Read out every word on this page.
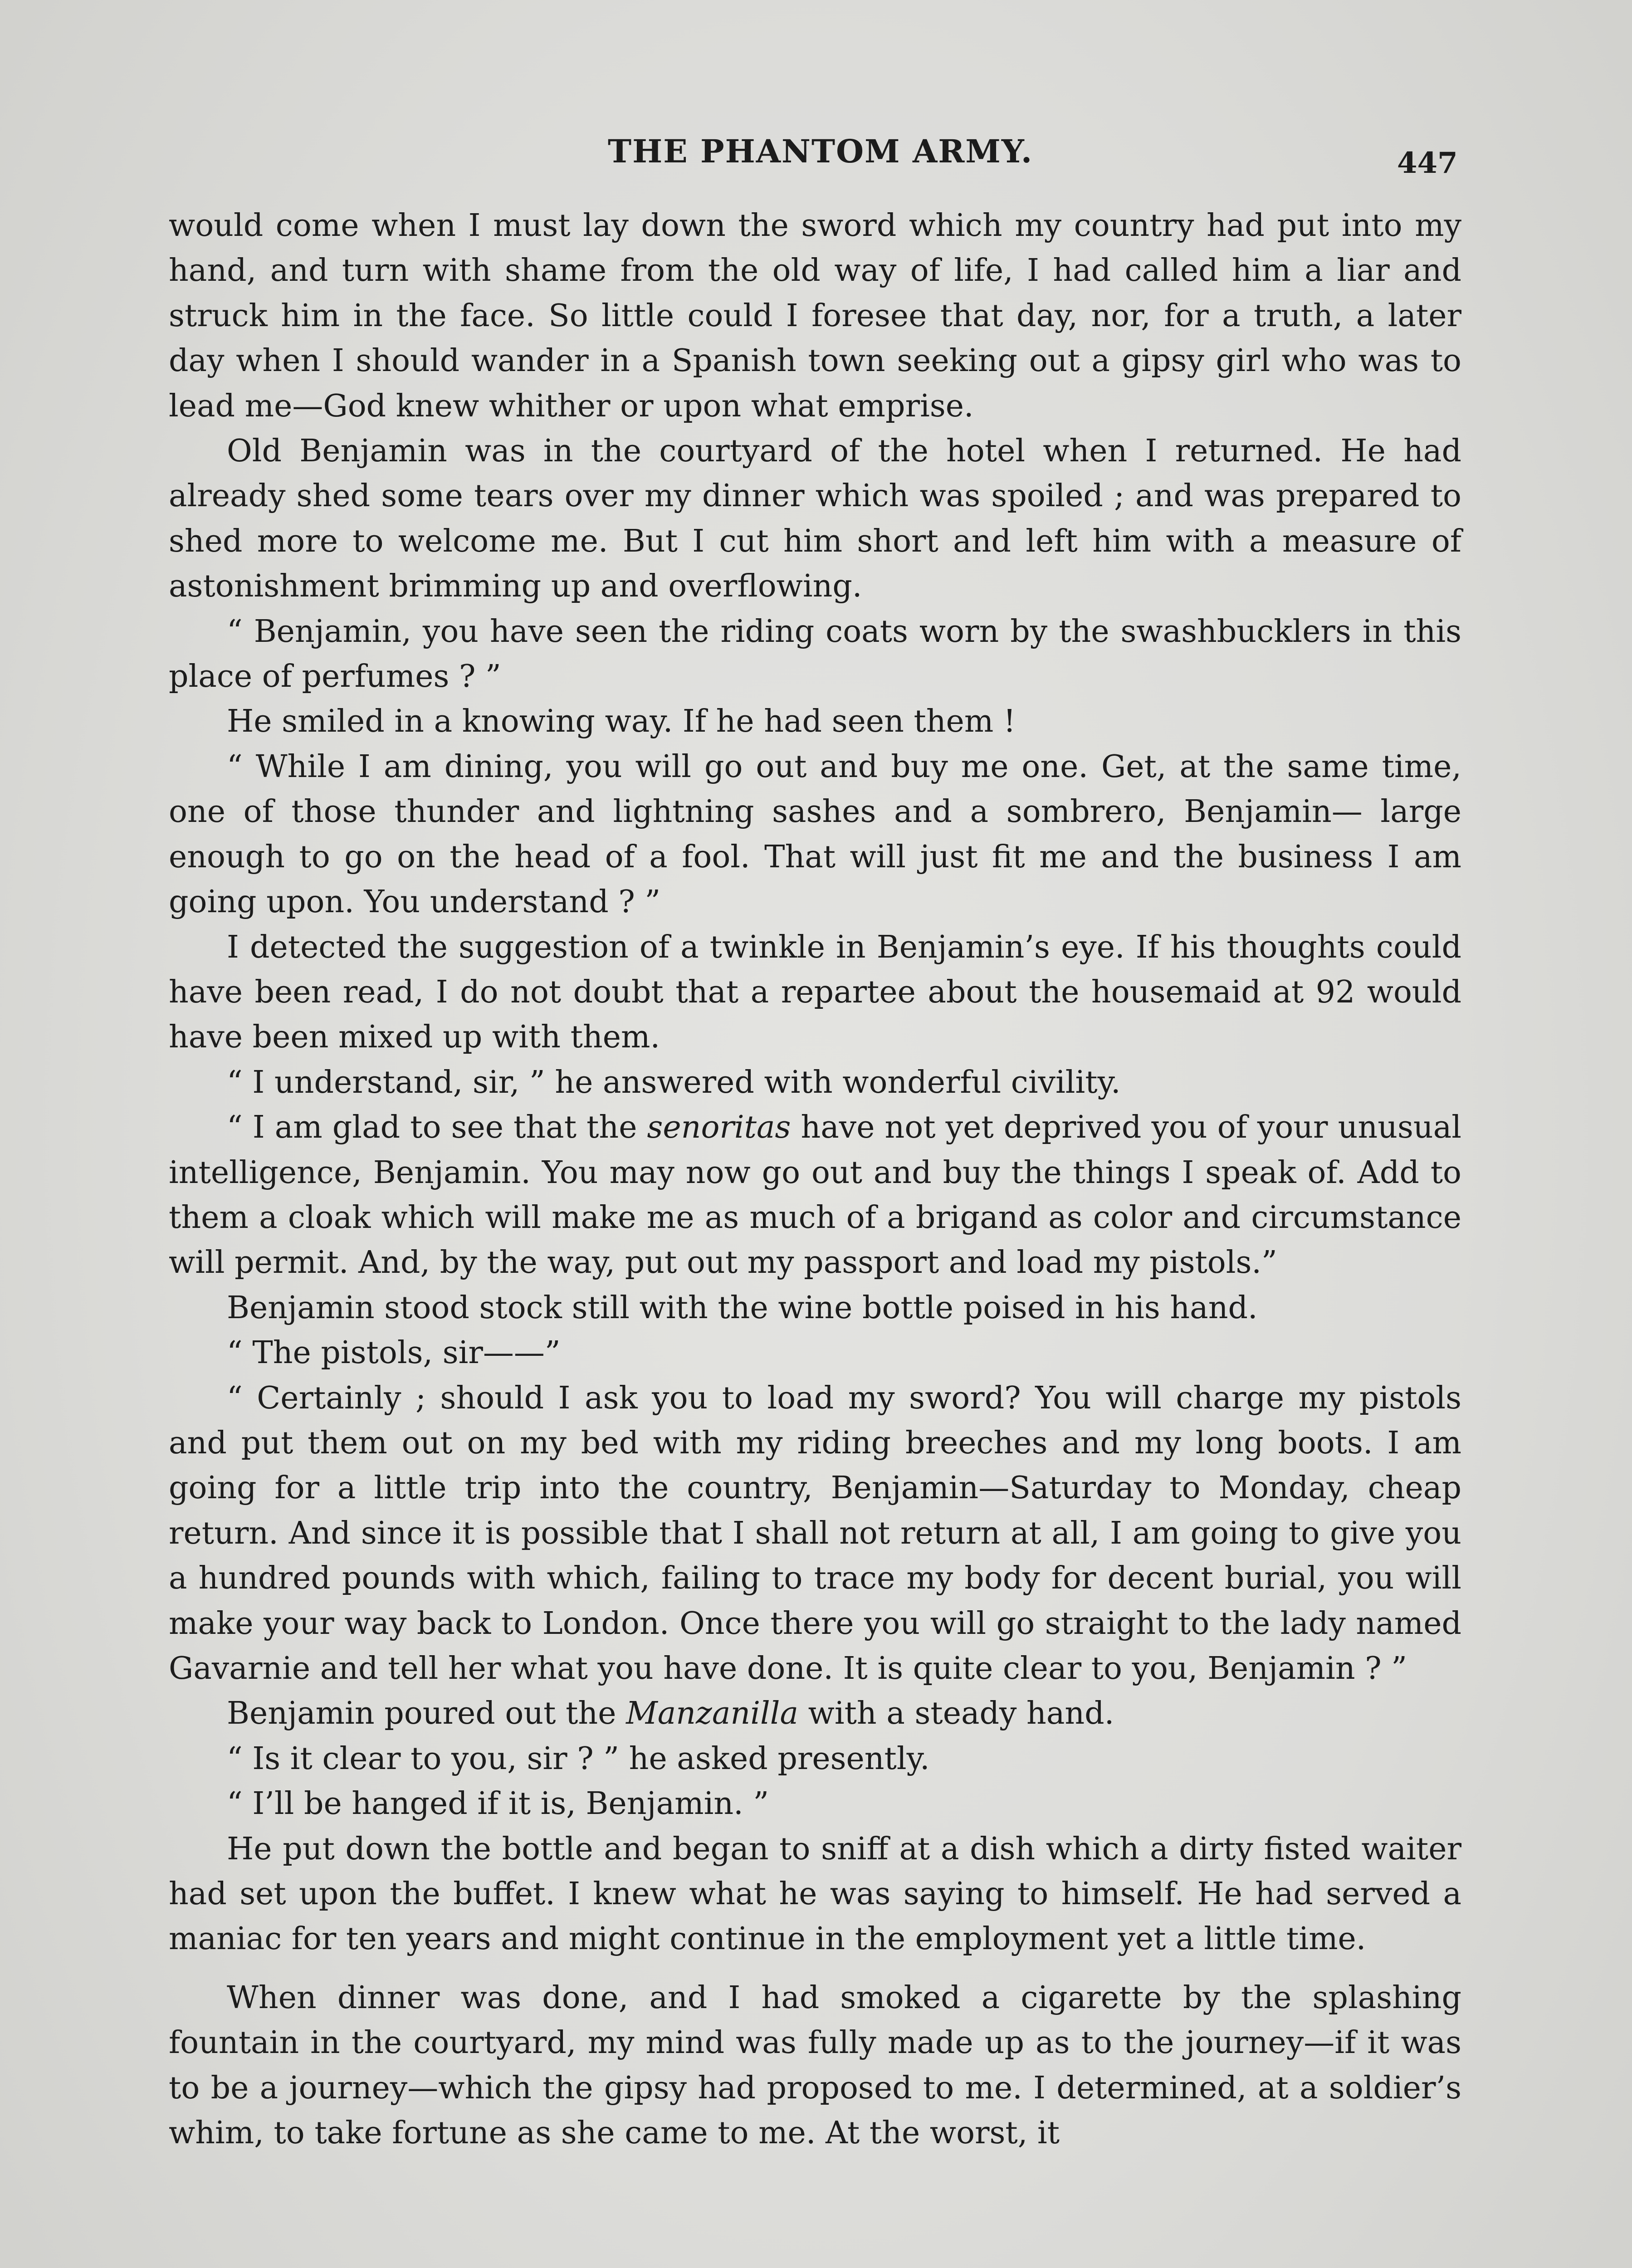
THE PHANTOM ARMY.	447

would come when I must lay down the sword which my country had put into my hand, and turn with shame from the old way of life, I had called him a liar and struck him in the face. So little could I foresee that day, nor, for a truth, a later day when I should wander in a Spanish town seeking out a gipsy girl who was to lead me—God knew whither or upon what emprise.

Old Benjamin was in the courtyard of the hotel when I returned. He had already shed some tears over my dinner which was spoiled ; and was prepared to shed more to welcome me. But I cut him short and left him with a measure of astonishment brimming up and overflowing.

“ Benjamin, you have seen the riding coats worn by the swashbucklers in this place of perfumes ? ”

He smiled in a knowing way. If he had seen them !

“ While I am dining, you will go out and buy me one. Get, at the same time, one of those thunder and lightning sashes and a sombrero, Benjamin— large enough to go on the head of a fool. That will just fit me and the business I am going upon. You understand ? ”

I detected the suggestion of a twinkle in Benjamin’s eye. If his thoughts could have been read, I do not doubt that a repartee about the housemaid at 92 would have been mixed up with them.

“ I understand, sir, ” he answered with wonderful civility.

“ I am glad to see that the senoritas have not yet deprived you of your unusual intelligence, Benjamin. You may now go out and buy the things I speak of. Add to them a cloak which will make me as much of a brigand as color and circumstance will permit. And, by the way, put out my passport and load my pistols.”

Benjamin stood stock still with the wine bottle poised in his hand.

“ The pistols, sir——”

“ Certainly ; should I ask you to load my sword? You will charge my pistols and put them out on my bed with my riding breeches and my long boots. I am going for a little trip into the country, Benjamin—Saturday to Monday, cheap return. And since it is possible that I shall not return at all, I am going to give you a hundred pounds with which, failing to trace my body for decent burial, you will make your way back to London. Once there you will go straight to the lady named Gavarnie and tell her what you have done. It is quite clear to you, Benjamin ? ”

Benjamin poured out the Manzanilla with a steady hand.

“ Is it clear to you, sir ? ” he asked presently.

“ I’ll be hanged if it is, Benjamin. ”

He put down the bottle and began to sniff at a dish which a dirty fisted waiter had set upon the buffet. I knew what he was saying to himself. He had served a maniac for ten years and might continue in the employment yet a little time.

When dinner was done, and I had smoked a cigarette by the splashing fountain in the courtyard, my mind was fully made up as to the journey—if it was to be a journey—which the gipsy had proposed to me. I determined, at a soldier’s whim, to take fortune as she came to me. At the worst, it
